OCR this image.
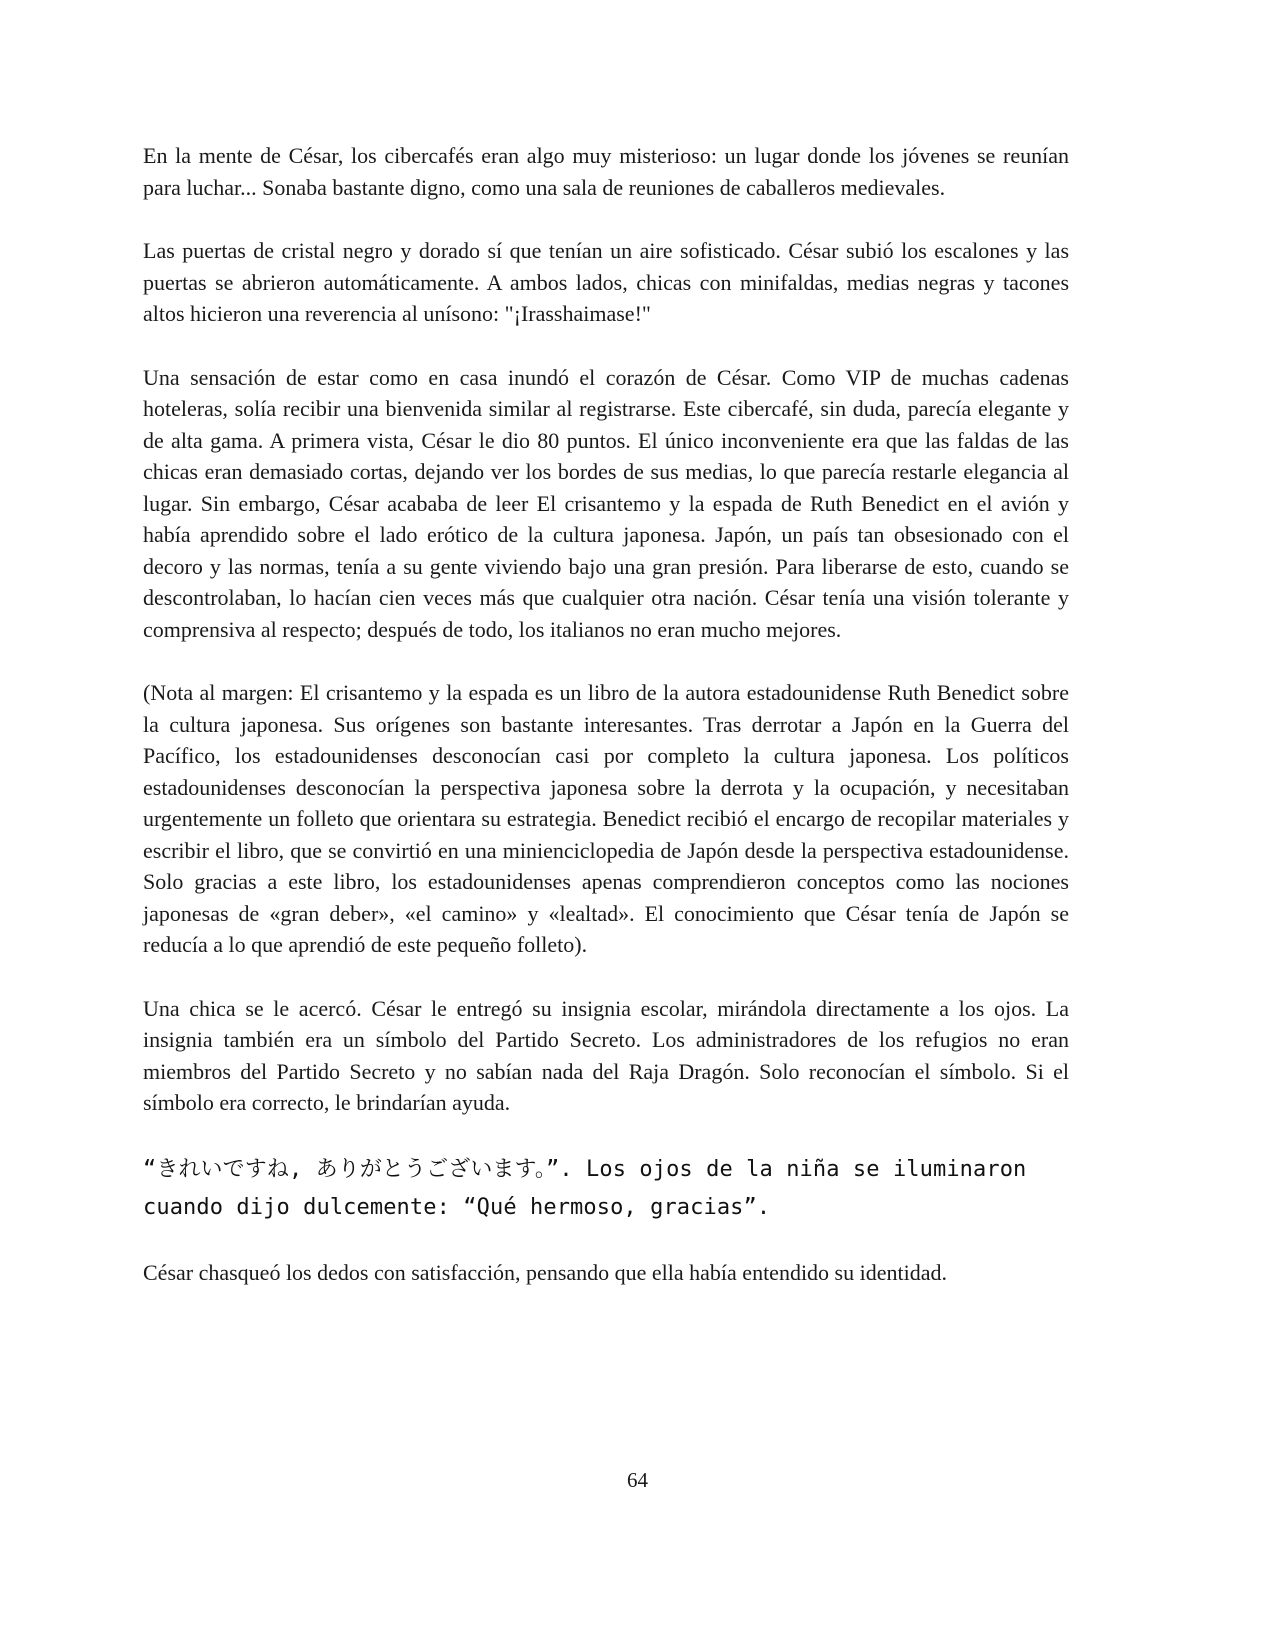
En la mente de César, los cibercafés eran algo muy misterioso: un lugar donde los jóvenes se reunían para luchar... Sonaba bastante digno, como una sala de reuniones de caballeros medievales.

Las puertas de cristal negro y dorado sí que tenían un aire sofisticado. César subió los escalones y las puertas se abrieron automáticamente. A ambos lados, chicas con minifaldas, medias negras y tacones altos hicieron una reverencia al unísono: "¡Irasshaimase!"

Una sensación de estar como en casa inundó el corazón de César. Como VIP de muchas cadenas hoteleras, solía recibir una bienvenida similar al registrarse. Este cibercafé, sin duda, parecía elegante y de alta gama. A primera vista, César le dio 80 puntos. El único inconveniente era que las faldas de las chicas eran demasiado cortas, dejando ver los bordes de sus medias, lo que parecía restarle elegancia al lugar. Sin embargo, César acababa de leer El crisantemo y la espada de Ruth Benedict en el avión y había aprendido sobre el lado erótico de la cultura japonesa. Japón, un país tan obsesionado con el decoro y las normas, tenía a su gente viviendo bajo una gran presión. Para liberarse de esto, cuando se descontrolaban, lo hacían cien veces más que cualquier otra nación. César tenía una visión tolerante y comprensiva al respecto; después de todo, los italianos no eran mucho mejores.

(Nota al margen: El crisantemo y la espada es un libro de la autora estadounidense Ruth Benedict sobre la cultura japonesa. Sus orígenes son bastante interesantes. Tras derrotar a Japón en la Guerra del Pacífico, los estadounidenses desconocían casi por completo la cultura japonesa. Los políticos estadounidenses desconocían la perspectiva japonesa sobre la derrota y la ocupación, y necesitaban urgentemente un folleto que orientara su estrategia. Benedict recibió el encargo de recopilar materiales y escribir el libro, que se convirtió en una minienciclopedia de Japón desde la perspectiva estadounidense. Solo gracias a este libro, los estadounidenses apenas comprendieron conceptos como las nociones japonesas de «gran deber», «el camino» y «lealtad». El conocimiento que César tenía de Japón se reducía a lo que aprendió de este pequeño folleto).

Una chica se le acercó. César le entregó su insignia escolar, mirándola directamente a los ojos. La insignia también era un símbolo del Partido Secreto. Los administradores de los refugios no eran miembros del Partido Secreto y no sabían nada del Raja Dragón. Solo reconocían el símbolo. Si el símbolo era correcto, le brindarían ayuda.

“きれいですね, ありがとうございます。”. Los ojos de la niña se iluminaron cuando dijo dulcemente: “Qué hermoso, gracias”.

César chasqueó los dedos con satisfacción, pensando que ella había entendido su identidad.

64
